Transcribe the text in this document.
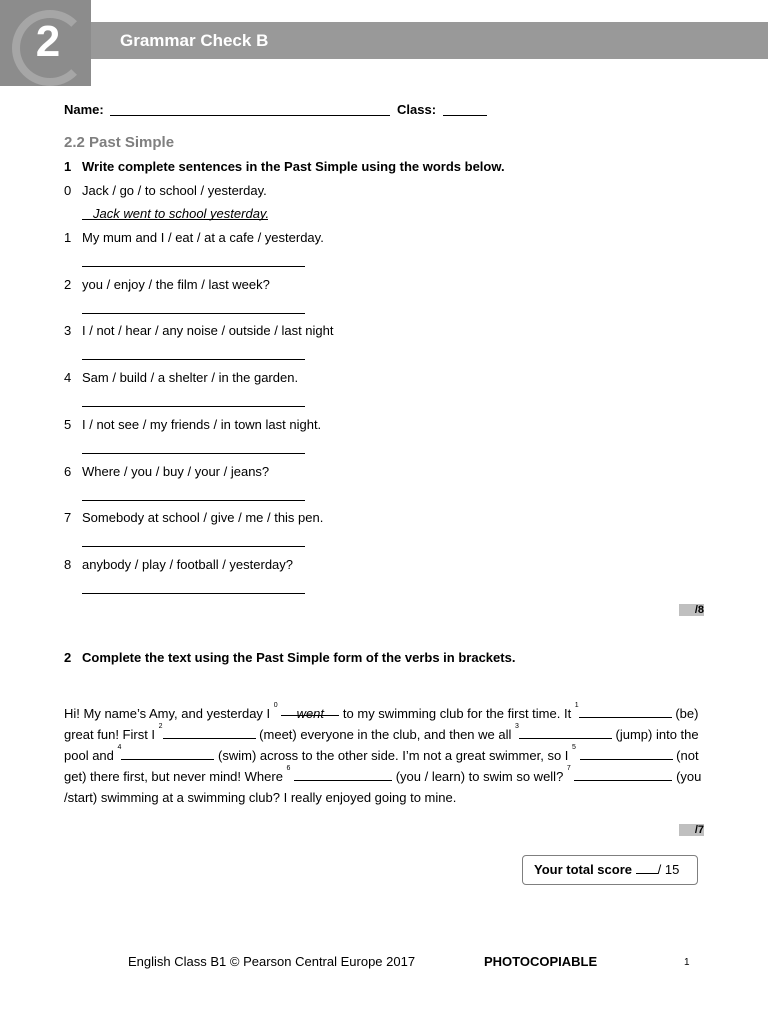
2	Grammar Check B
Name:	Class:
2.2 Past Simple
1 Write complete sentences in the Past Simple using the words below.
0 Jack / go / to school / yesterday.
Jack went to school yesterday.
1 My mum and I / eat / at a cafe / yesterday.
2 you / enjoy / the film / last week?
3 I / not / hear / any noise / outside / last night
4 Sam / build / a shelter / in the garden.
5 I / not see / my friends / in town last night.
6 Where / you / buy / your / jeans?
7 Somebody at school / give / me / this pen.
8 anybody / play / football / yesterday?
/8
2 Complete the text using the Past Simple form of the verbs in brackets.
Hi! My name’s Amy, and yesterday I $^0$ went to my swimming club for the first time. It $^1$ (be)
great fun! First I $^2$ (meet) everyone in the club, and then we all $^3$ (jump) into the
pool and $^4$ (swim) across to the other side. I’m not a great swimmer, so I $^5$  (not
get) there first, but never mind! Where $^6$  (you / learn) to swim so well? $^7$  (you
/start) swimming at a swimming club? I really enjoyed going to mine.
/7
Your total score / 15
English Class B1 © Pearson Central Europe 2017	PHOTOCOPIABLE	1
